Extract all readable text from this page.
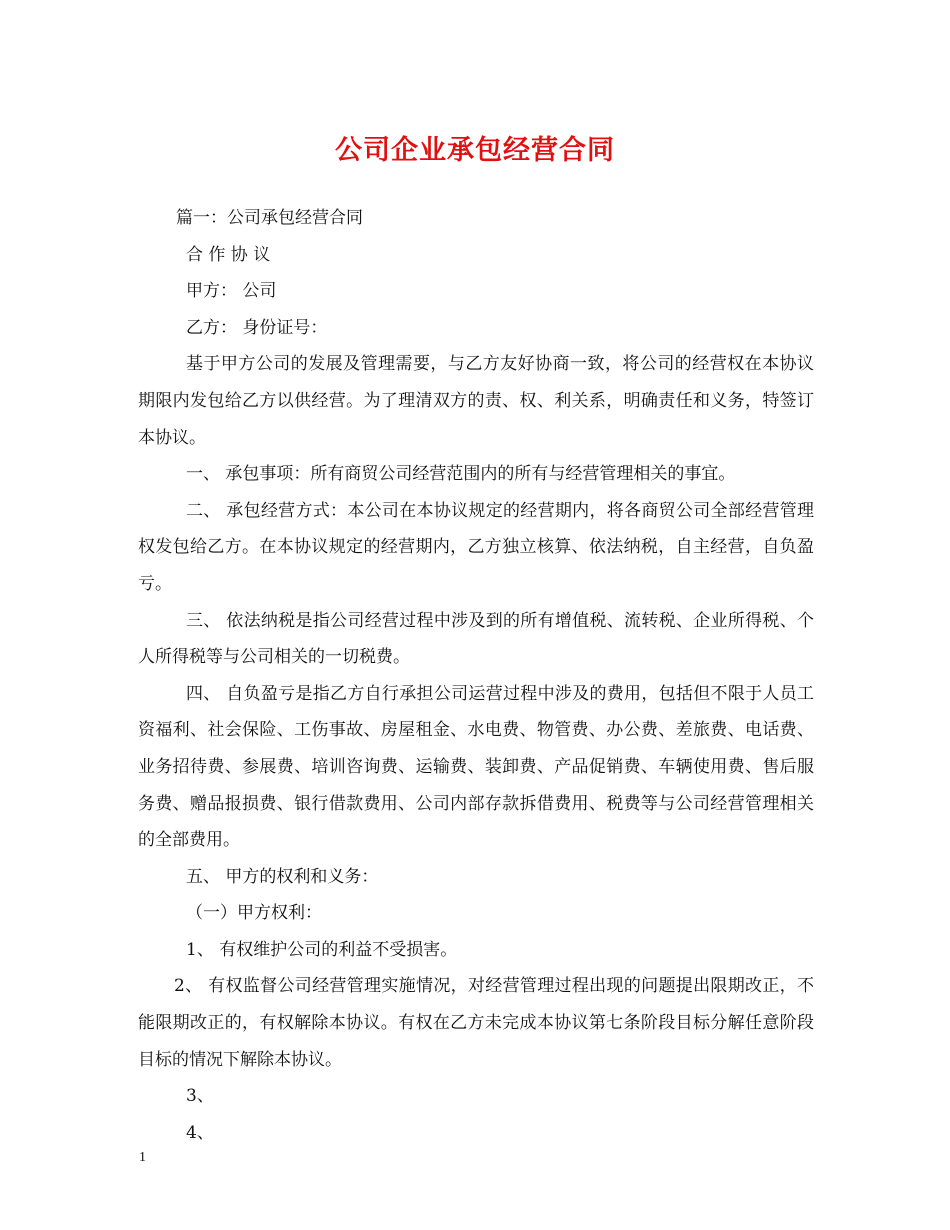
公司企业承包经营合同

篇一：公司承包经营合同

合 作 协 议

甲方： 公司

乙方： 身份证号：

基于甲方公司的发展及管理需要，与乙方友好协商一致，将公司的经营权在本协议期限内发包给乙方以供经营。为了理清双方的责、权、利关系，明确责任和义务，特签订本协议。

一、 承包事项：所有商贸公司经营范围内的所有与经营管理相关的事宜。

二、 承包经营方式：本公司在本协议规定的经营期内，将各商贸公司全部经营管理权发包给乙方。在本协议规定的经营期内，乙方独立核算、依法纳税，自主经营，自负盈亏。

三、 依法纳税是指公司经营过程中涉及到的所有增值税、流转税、企业所得税、个人所得税等与公司相关的一切税费。

四、 自负盈亏是指乙方自行承担公司运营过程中涉及的费用，包括但不限于人员工资福利、社会保险、工伤事故、房屋租金、水电费、物管费、办公费、差旅费、电话费、业务招待费、参展费、培训咨询费、运输费、装卸费、产品促销费、车辆使用费、售后服务费、赠品报损费、银行借款费用、公司内部存款拆借费用、税费等与公司经营管理相关的全部费用。

五、 甲方的权利和义务：

（一）甲方权利：

1、 有权维护公司的利益不受损害。

2、 有权监督公司经营管理实施情况，对经营管理过程出现的问题提出限期改正，不能限期改正的，有权解除本协议。有权在乙方未完成本协议第七条阶段目标分解任意阶段目标的情况下解除本协议。

3、

4、

1
